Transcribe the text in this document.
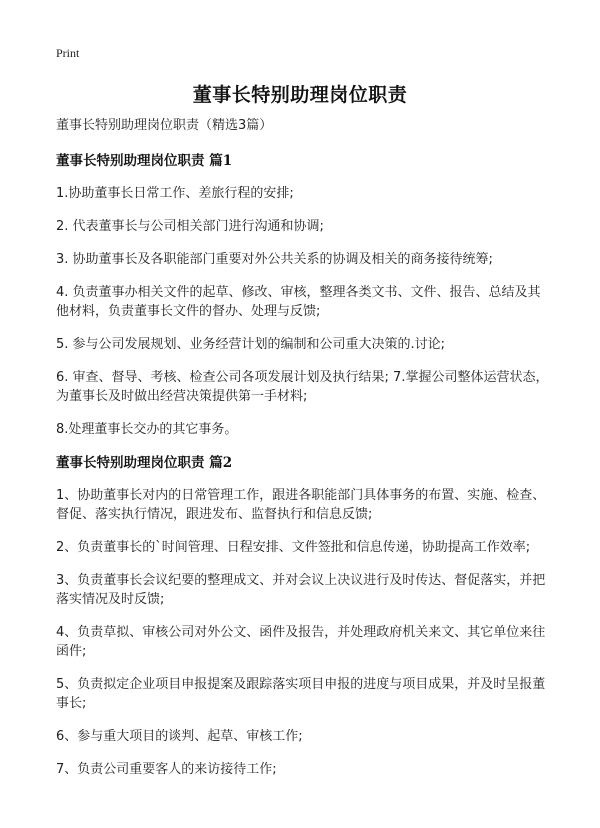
Print
董事长特别助理岗位职责

董事长特别助理岗位职责（精选3篇）

董事长特别助理岗位职责 篇1

1.协助董事长日常工作、差旅行程的安排;

2. 代表董事长与公司相关部门进行沟通和协调;

3. 协助董事长及各职能部门重要对外公共关系的协调及相关的商务接待统筹;

4. 负责董事办相关文件的起草、修改、审核，整理各类文书、文件、报告、总结及其他材料，负责董事长文件的督办、处理与反馈;

5. 参与公司发展规划、业务经营计划的编制和公司重大决策的.讨论;

6. 审查、督导、考核、检查公司各项发展计划及执行结果; 7.掌握公司整体运营状态，为董事长及时做出经营决策提供第一手材料;

8.处理董事长交办的其它事务。

董事长特别助理岗位职责 篇2

1、协助董事长对内的日常管理工作，跟进各职能部门具体事务的布置、实施、检查、督促、落实执行情况，跟进发布、监督执行和信息反馈;

2、负责董事长的`时间管理、日程安排、文件签批和信息传递，协助提高工作效率;

3、负责董事长会议纪要的整理成文、并对会议上决议进行及时传达、督促落实，并把落实情况及时反馈;

4、负责草拟、审核公司对外公文、函件及报告，并处理政府机关来文、其它单位来往函件;

5、负责拟定企业项目申报提案及跟踪落实项目申报的进度与项目成果，并及时呈报董事长;

6、参与重大项目的谈判、起草、审核工作;

7、负责公司重要客人的来访接待工作;
